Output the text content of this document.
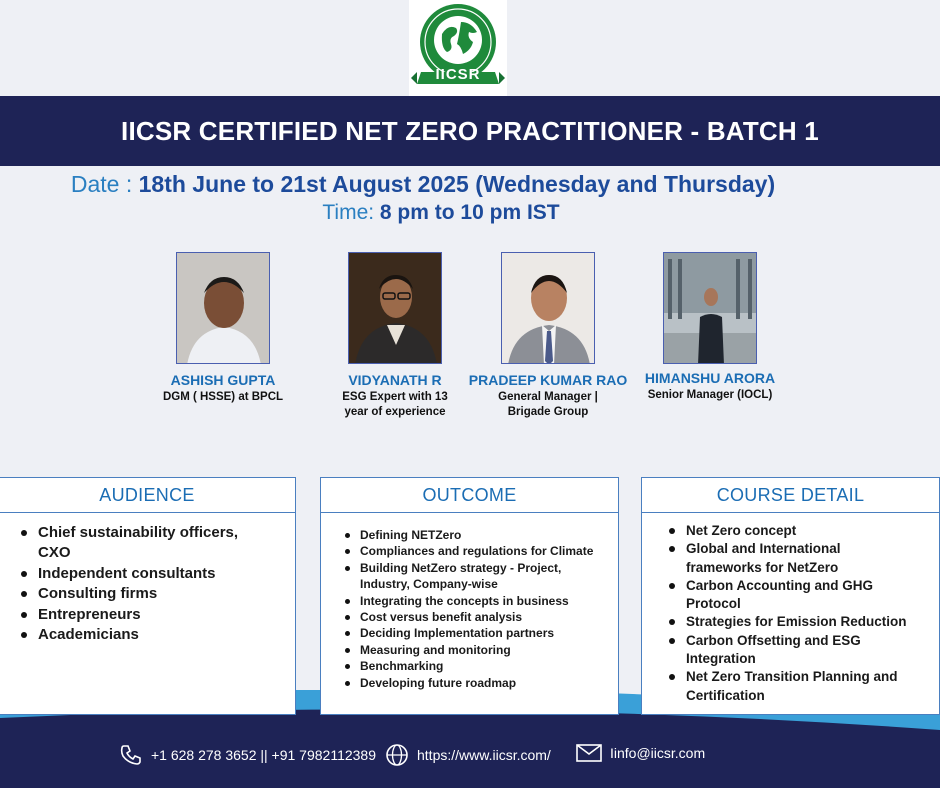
IICSR
IICSR CERTIFIED NET ZERO PRACTITIONER - BATCH 1
Date : 18th June to 21st August 2025 (Wednesday and Thursday)
Time: 8 pm to 10 pm IST
ASHISH GUPTA
DGM ( HSSE) at BPCL
VIDYANATH R
ESG Expert with 13 year of experience
PRADEEP KUMAR RAO
General Manager | Brigade Group
HIMANSHU ARORA
Senior Manager (IOCL)
AUDIENCE
Chief sustainability officers, CXO
Independent consultants
Consulting firms
Entrepreneurs
Academicians
OUTCOME
Defining NETZero
Compliances and regulations for Climate
Building NetZero strategy - Project, Industry, Company-wise
Integrating the concepts in business
Cost versus benefit analysis
Deciding Implementation partners
Measuring and monitoring
Benchmarking
Developing future roadmap
COURSE DETAIL
Net Zero concept
Global and International frameworks for NetZero
Carbon Accounting and GHG Protocol
Strategies for Emission Reduction
Carbon Offsetting and ESG Integration
Net Zero Transition Planning and Certification
+1 628 278 3652 || +91 7982112389	https://www.iicsr.com/	Iinfo@iicsr.com
